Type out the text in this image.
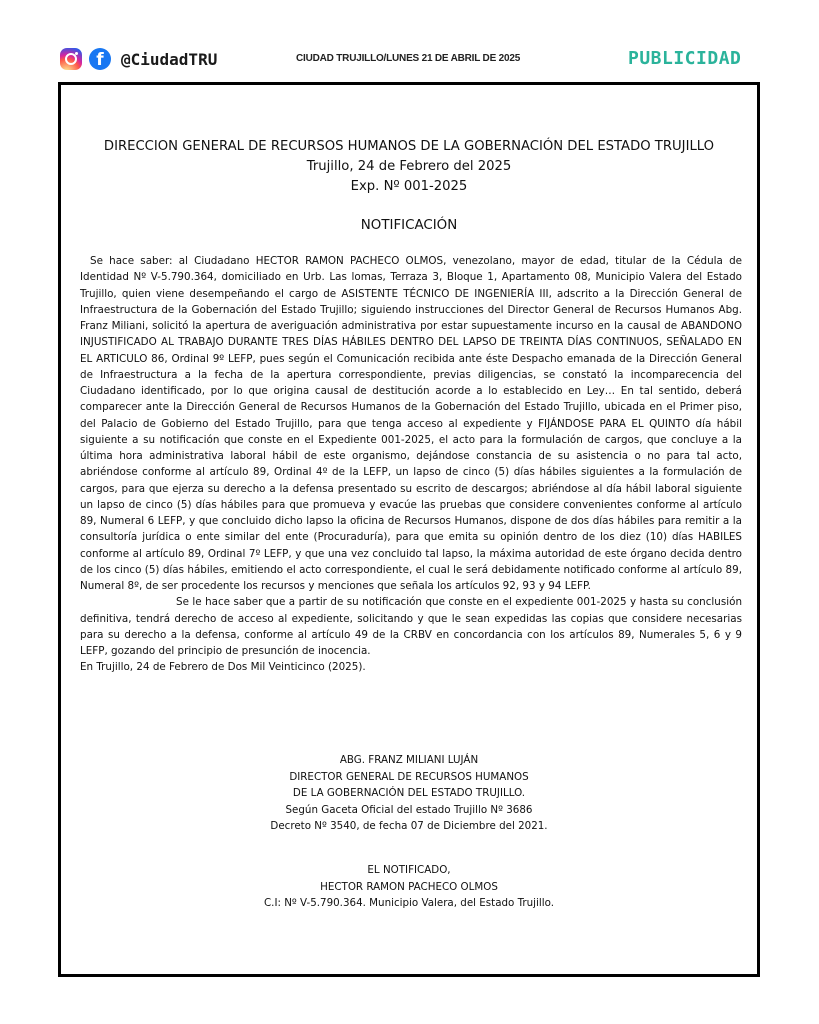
f	@CiudadTRU	CIUDAD TRUJILLO/LUNES 21 DE ABRIL DE 2025	PUBLICIDAD
DIRECCION GENERAL DE RECURSOS HUMANOS DE LA GOBERNACIÓN DEL ESTADO TRUJILLO
Trujillo, 24 de Febrero del 2025
Exp. Nº 001-2025
NOTIFICACIÓN

Se hace saber: al Ciudadano HECTOR RAMON PACHECO OLMOS, venezolano, mayor de edad, titular de la Cédula de Identidad Nº V-5.790.364, domiciliado en Urb. Las lomas, Terraza 3, Bloque 1, Apartamento 08, Municipio Valera del Estado Trujillo, quien viene desempeñando el cargo de ASISTENTE TÉCNICO DE INGENIERÍA III, adscrito a la Dirección General de Infraestructura de la Gobernación del Estado Trujillo; siguiendo instrucciones del Director General de Recursos Humanos Abg. Franz Miliani, solicitó la apertura de averiguación administrativa por estar supuestamente incurso en la causal de ABANDONO INJUSTIFICADO AL TRABAJO DURANTE TRES DÍAS HÁBILES DENTRO DEL LAPSO DE TREINTA DÍAS CONTINUOS, SEÑALADO EN EL ARTICULO 86, Ordinal 9º LEFP, pues según el Comunicación recibida ante éste Despacho emanada de la Dirección General de Infraestructura a la fecha de la apertura correspondiente, previas diligencias, se constató la incomparecencia del Ciudadano identificado, por lo que origina causal de destitución acorde a lo establecido en Ley… En tal sentido, deberá comparecer ante la Dirección General de Recursos Humanos de la Gobernación del Estado Trujillo, ubicada en el Primer piso, del Palacio de Gobierno del Estado Trujillo, para que tenga acceso al expediente y FIJÁNDOSE PARA EL QUINTO día hábil siguiente a su notificación que conste en el Expediente 001-2025, el acto para la formulación de cargos, que concluye a la última hora administrativa laboral hábil de este organismo, dejándose constancia de su asistencia o no para tal acto, abriéndose conforme al artículo 89, Ordinal 4º de la LEFP, un lapso de cinco (5) días hábiles siguientes a la formulación de cargos, para que ejerza su derecho a la defensa presentado su escrito de descargos; abriéndose al día hábil laboral siguiente un lapso de cinco (5) días hábiles para que promueva y evacúe las pruebas que considere convenientes conforme al artículo 89, Numeral 6 LEFP, y que concluido dicho lapso la oficina de Recursos Humanos, dispone de dos días hábiles para remitir a la consultoría jurídica o ente similar del ente (Procuraduría), para que emita su opinión dentro de los diez (10) días HABILES conforme al artículo 89, Ordinal 7º LEFP, y que una vez concluido tal lapso, la máxima autoridad de este órgano decida dentro de los cinco (5) días hábiles, emitiendo el acto correspondiente, el cual le será debidamente notificado conforme al artículo 89, Numeral 8º, de ser procedente los recursos y menciones que señala los artículos 92, 93 y 94 LEFP.

Se le hace saber que a partir de su notificación que conste en el expediente 001-2025 y hasta su conclusión definitiva, tendrá derecho de acceso al expediente, solicitando y que le sean expedidas las copias que considere necesarias para su derecho a la defensa, conforme al artículo 49 de la CRBV en concordancia con los artículos 89, Numerales 5, 6 y 9 LEFP, gozando del principio de presunción de inocencia.

En Trujillo, 24 de Febrero de Dos Mil Veinticinco (2025).

ABG. FRANZ MILIANI LUJÁN
DIRECTOR GENERAL DE RECURSOS HUMANOS
DE LA GOBERNACIÓN DEL ESTADO TRUJILLO.
Según Gaceta Oficial del estado Trujillo Nº 3686
Decreto Nº 3540, de fecha 07 de Diciembre del 2021.
EL NOTIFICADO,
HECTOR RAMON PACHECO OLMOS
C.I: Nº V-5.790.364. Municipio Valera, del Estado Trujillo.
